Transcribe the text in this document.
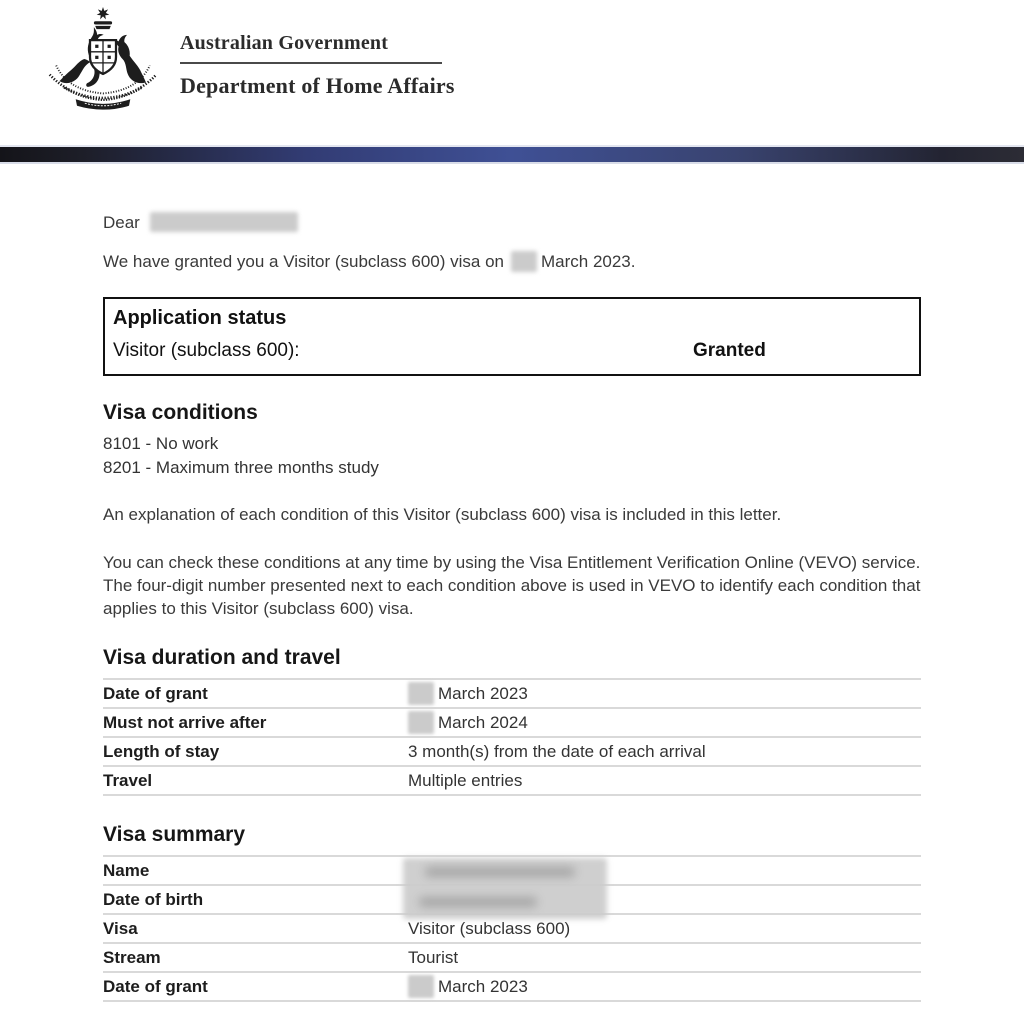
Australian Government
Department of Home Affairs

Dear

We have granted you a Visitor (subclass 600) visa on March 2023.

Application status
Visitor (subclass 600):	Granted
Visa conditions
8101 - No work
8201 - Maximum three months study

An explanation of each condition of this Visitor (subclass 600) visa is included in this letter.

You can check these conditions at any time by using the Visa Entitlement Verification Online (VEVO) service. The four-digit number presented next to each condition above is used in VEVO to identify each condition that applies to this Visitor (subclass 600) visa.

Visa duration and travel
Date of grant	March 2023
Must not arrive after	March 2024
Length of stay	3 month(s) from the date of each arrival
Travel	Multiple entries
Visa summary
Name
Date of birth
Visa	Visitor (subclass 600)
Stream	Tourist
Date of grant	March 2023
